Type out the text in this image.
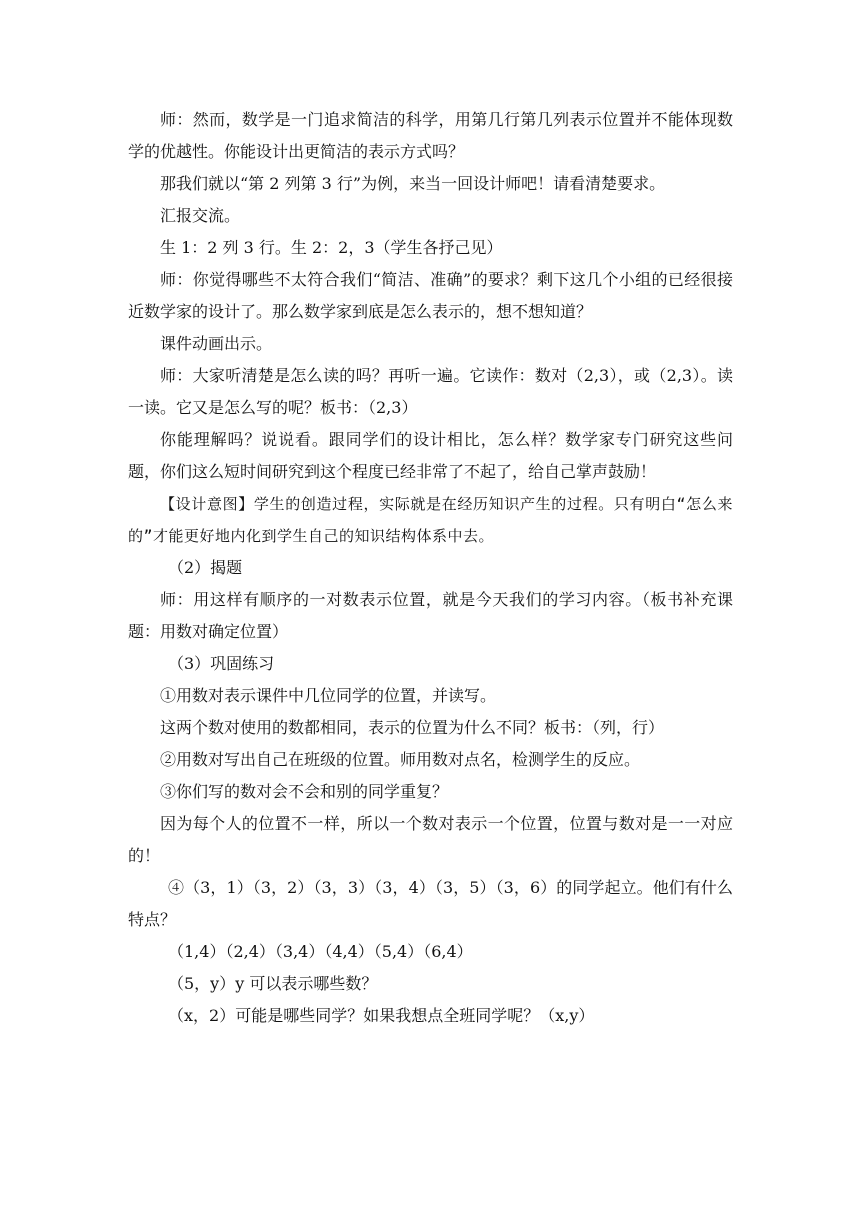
师：然而，数学是一门追求简洁的科学，用第几行第几列表示位置并不能体现数学的优越性。你能设计出更简洁的表示方式吗？

那我们就以“第 2 列第 3 行”为例，来当一回设计师吧！请看清楚要求。

汇报交流。

生 1：2 列 3 行。生 2：2，3（学生各抒己见）

师：你觉得哪些不太符合我们“简洁、准确”的要求？剩下这几个小组的已经很接近数学家的设计了。那么数学家到底是怎么表示的，想不想知道？

课件动画出示。

师：大家听清楚是怎么读的吗？再听一遍。它读作：数对（2,3），或（2,3）。读一读。它又是怎么写的呢？板书：（2,3）

你能理解吗？说说看。跟同学们的设计相比，怎么样？数学家专门研究这些问题，你们这么短时间研究到这个程度已经非常了不起了，给自己掌声鼓励！

【设计意图】学生的创造过程，实际就是在经历知识产生的过程。只有明白“怎么来的”才能更好地内化到学生自己的知识结构体系中去。

（2）揭题

师：用这样有顺序的一对数表示位置，就是今天我们的学习内容。（板书补充课题：用数对确定位置）

（3）巩固练习

①用数对表示课件中几位同学的位置，并读写。

这两个数对使用的数都相同，表示的位置为什么不同？板书：（列，行）

②用数对写出自己在班级的位置。师用数对点名，检测学生的反应。

③你们写的数对会不会和别的同学重复？

因为每个人的位置不一样，所以一个数对表示一个位置，位置与数对是一一对应的！

④（3，1）（3，2）（3，3）（3，4）（3，5）（3，6）的同学起立。他们有什么特点？

（1,4）（2,4）（3,4）（4,4）（5,4）（6,4）

（5，y）y 可以表示哪些数？

（x，2）可能是哪些同学？如果我想点全班同学呢？（x,y）
